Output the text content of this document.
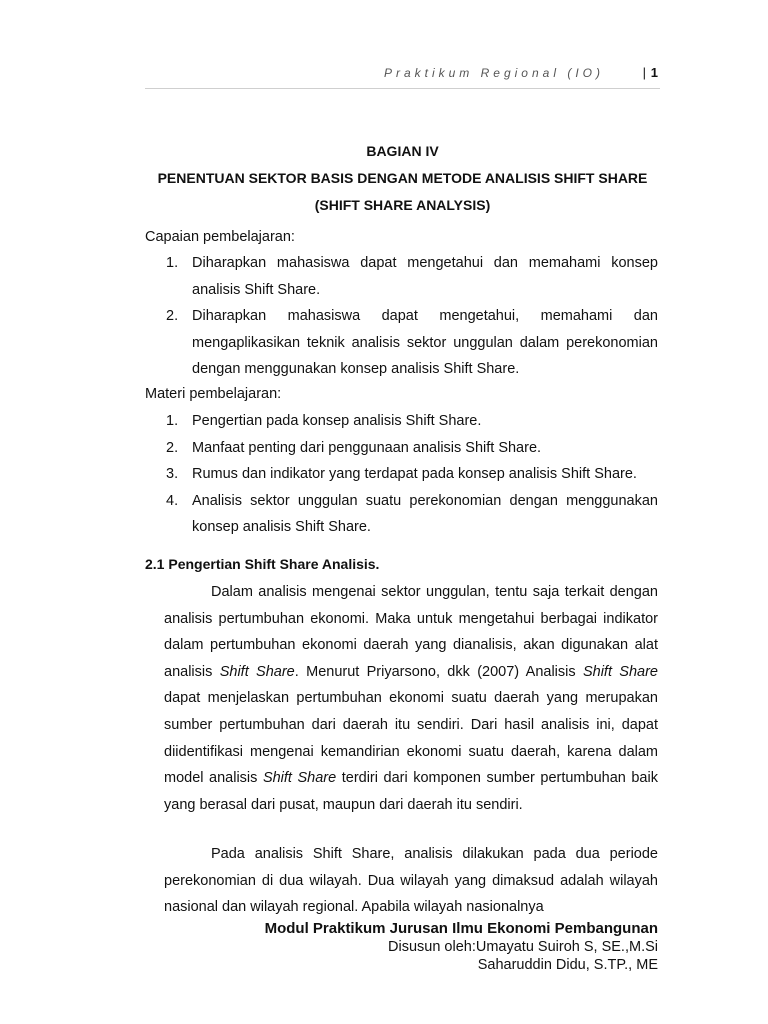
Praktikum Regional (IO)	| 1
BAGIAN IV
PENENTUAN SEKTOR BASIS DENGAN METODE ANALISIS SHIFT SHARE
(SHIFT SHARE ANALYSIS)
Capaian pembelajaran:
1. Diharapkan mahasiswa dapat mengetahui dan memahami konsep analisis Shift Share.
2. Diharapkan mahasiswa dapat mengetahui, memahami dan mengaplikasikan teknik analisis sektor unggulan dalam perekonomian dengan menggunakan konsep analisis Shift Share.
Materi pembelajaran:
1. Pengertian pada konsep analisis Shift Share.
2. Manfaat penting dari penggunaan analisis Shift Share.
3. Rumus dan indikator yang terdapat pada konsep analisis Shift Share.
4. Analisis sektor unggulan suatu perekonomian dengan menggunakan konsep analisis Shift Share.
2.1 Pengertian Shift Share Analisis.
Dalam analisis mengenai sektor unggulan, tentu saja terkait dengan analisis pertumbuhan ekonomi. Maka untuk mengetahui berbagai indikator dalam pertumbuhan ekonomi daerah yang dianalisis, akan digunakan alat analisis Shift Share. Menurut Priyarsono, dkk (2007) Analisis Shift Share dapat menjelaskan pertumbuhan ekonomi suatu daerah yang merupakan sumber pertumbuhan dari daerah itu sendiri. Dari hasil analisis ini, dapat diidentifikasi mengenai kemandirian ekonomi suatu daerah, karena dalam model analisis Shift Share terdiri dari komponen sumber pertumbuhan baik yang berasal dari pusat, maupun dari daerah itu sendiri.
Pada analisis Shift Share, analisis dilakukan pada dua periode perekonomian di dua wilayah. Dua wilayah yang dimaksud adalah wilayah nasional dan wilayah regional. Apabila wilayah nasionalnya
Modul Praktikum Jurusan Ilmu Ekonomi Pembangunan
Disusun oleh:Umayatu Suiroh S, SE.,M.Si
Saharuddin Didu, S.TP., ME
